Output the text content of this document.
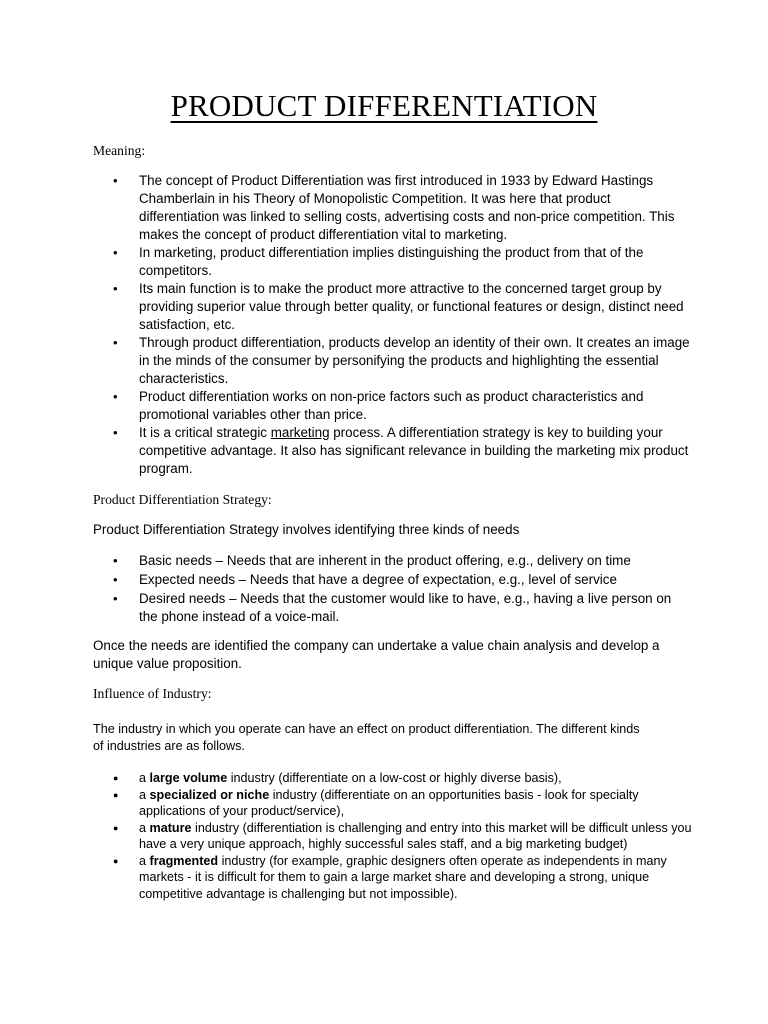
PRODUCT DIFFERENTIATION
Meaning:
• The concept of Product Differentiation was first introduced in 1933 by Edward Hastings Chamberlain in his Theory of Monopolistic Competition. It was here that product differentiation was linked to selling costs, advertising costs and non-price competition. This makes the concept of product differentiation vital to marketing.
• In marketing, product differentiation implies distinguishing the product from that of the competitors.
• Its main function is to make the product more attractive to the concerned target group by providing superior value through better quality, or functional features or design, distinct need satisfaction, etc.
• Through product differentiation, products develop an identity of their own. It creates an image in the minds of the consumer by personifying the products and highlighting the essential characteristics.
• Product differentiation works on non-price factors such as product characteristics and promotional variables other than price.
• It is a critical strategic marketing process. A differentiation strategy is key to building your competitive advantage. It also has significant relevance in building the marketing mix product program.
Product Differentiation Strategy:
Product Differentiation Strategy involves identifying three kinds of needs
• Basic needs – Needs that are inherent in the product offering, e.g., delivery on time
• Expected needs – Needs that have a degree of expectation, e.g., level of service
• Desired needs – Needs that the customer would like to have, e.g., having a live person on the phone instead of a voice-mail.
Once the needs are identified the company can undertake a value chain analysis and develop a unique value proposition.
Influence of Industry:
The industry in which you operate can have an effect on product differentiation. The different kinds of industries are as follows.
● a large volume industry (differentiate on a low-cost or highly diverse basis),
● a specialized or niche industry (differentiate on an opportunities basis - look for specialty applications of your product/service),
● a mature industry (differentiation is challenging and entry into this market will be difficult unless you have a very unique approach, highly successful sales staff, and a big marketing budget)
● a fragmented industry (for example, graphic designers often operate as independents in many markets - it is difficult for them to gain a large market share and developing a strong, unique competitive advantage is challenging but not impossible).
